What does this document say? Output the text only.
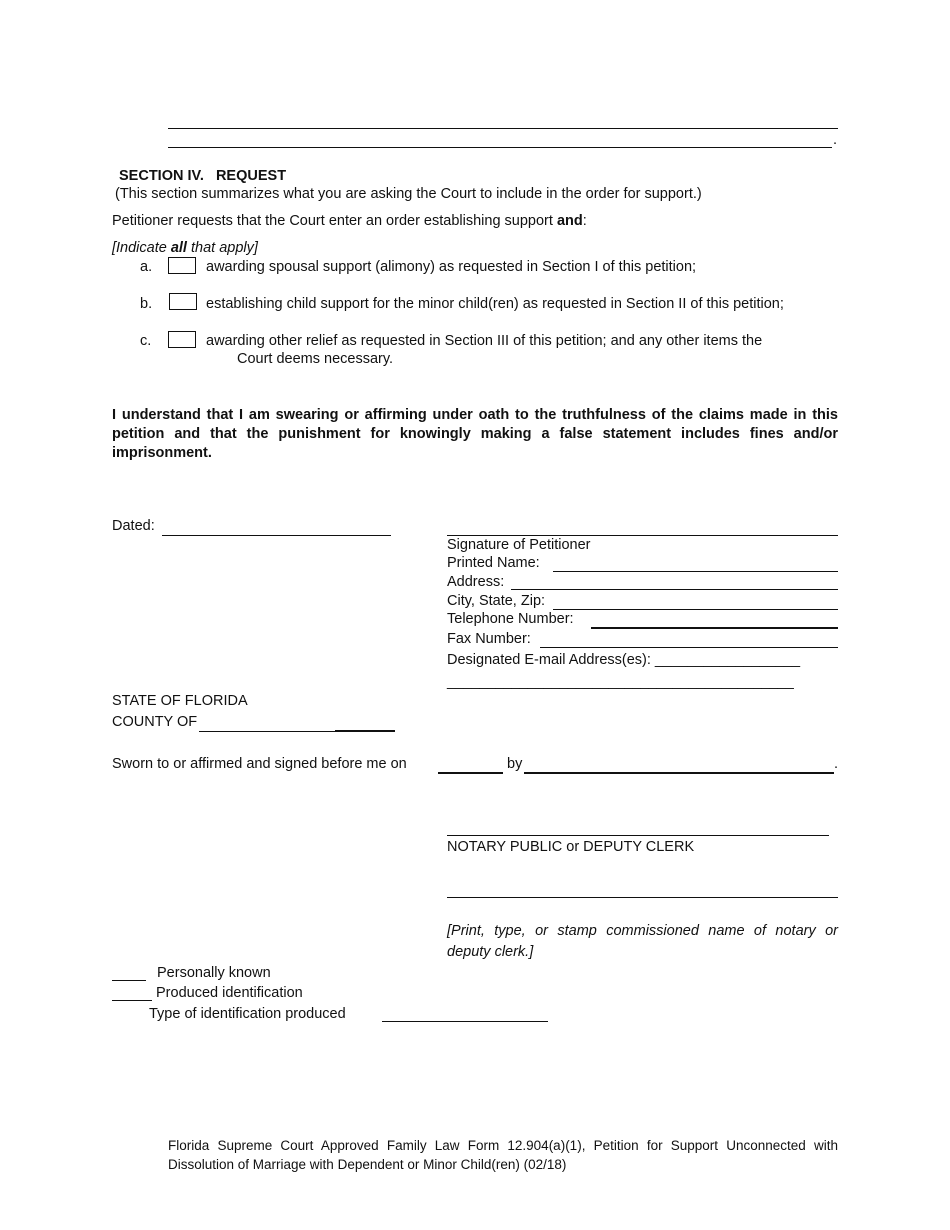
.
SECTION IV.   REQUEST
(This section summarizes what you are asking the Court to include in the order for support.)
Petitioner requests that the Court enter an order establishing support and:
[Indicate all that apply]
a.	awarding spousal support (alimony) as requested in Section I of this petition;
b.	establishing child support for the minor child(ren) as requested in Section II of this petition;
c.	awarding other relief as requested in Section III of this petition; and any other items the
Court deems necessary.
I understand that I am swearing or affirming under oath to the truthfulness of the claims made in this petition and that the punishment for knowingly making a false statement includes fines and/or imprisonment.
Dated:
Signature of Petitioner
Printed Name:
Address:
City, State, Zip:
Telephone Number:
Fax Number:
Designated E-mail Address(es): __________________
___________________________________________
STATE OF FLORIDA
COUNTY OF
Sworn to or affirmed and signed before me on	by	.
NOTARY PUBLIC or DEPUTY CLERK
[Print, type, or stamp commissioned name of notary or deputy clerk.]
Personally known
Produced identification
Type of identification produced
Florida Supreme Court Approved Family Law Form 12.904(a)(1), Petition for Support Unconnected with Dissolution of Marriage with Dependent or Minor Child(ren) (02/18)
